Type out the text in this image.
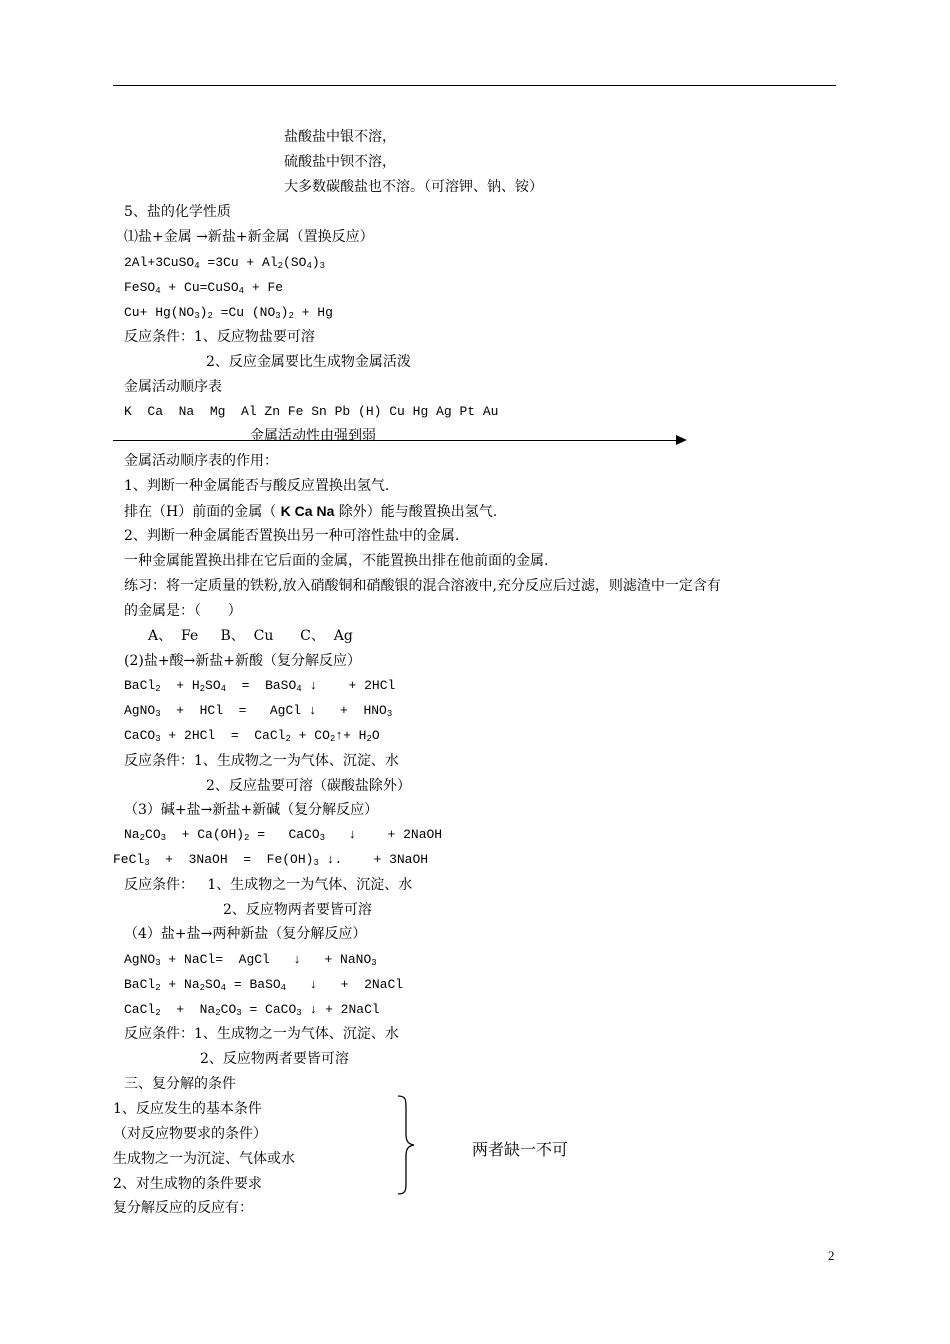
盐酸盐中银不溶，
硫酸盐中钡不溶，
大多数碳酸盐也不溶。（可溶钾、钠、铵）
5、盐的化学性质
⑴盐+金属 →新盐+新金属（置换反应）
2Al+3CuSO$_4$ $=3Cu + Al_2(SO_4)_3$
FeSO$_4$ + Cu=CuSO$_4$ + Fe
$Cu+ Hg(NO_3)_2 =Cu$ $(NO_3)_2 + Hg$
反应条件：1、反应物盐要可溶
2、反应金属要比生成物金属活泼
金属活动顺序表
K  Ca  Na  Mg  Al Zn Fe Sn Pb (H) Cu Hg Ag Pt Au
金属活动性由强到弱
金属活动顺序表的作用：
1、判断一种金属能否与酸反应置换出氢气.
排在（H）前面的金属（ K Ca Na 除外）能与酸置换出氢气.
2、判断一种金属能否置换出另一种可溶性盐中的金属.
一种金属能置换出排在它后面的金属，不能置换出排在他前面的金属.
练习：将一定质量的铁粉,放入硝酸铜和硝酸银的混合溶液中,充分反应后过滤，则滤渣中一定含有
的金属是：（      ）
A、  Fe     B、  Cu      C、  Ag
(2)盐+酸→新盐+新酸（复分解反应）
BaCl$_2$  + $H_2SO_4$  =  BaSO$_4$ ↓    + 2HCl
AgNO$_3$  +  HCl  =   AgCl ↓   +  $HNO_3$
CaCO$_3$ + 2HCl  =  CaCl$_2$ + $CO_2↑+ H_2O$
反应条件：1、生成物之一为气体、沉淀、水
2、反应盐要可溶（碳酸盐除外）
（3）碱+盐→新盐+新碱（复分解反应）
$Na_2CO_3 + Ca(OH)_2$ =   CaCO$_3$   ↓    + 2NaOH
FeCl$_3$  +  3NaOH  =  $Fe(OH)_3$ ↓.    + 3NaOH
反应条件：   1、生成物之一为气体、沉淀、水
2、反应物两者要皆可溶
（4）盐+盐→两种新盐（复分解反应）
AgNO$_3$ + NaCl=  AgCl   ↓   + NaNO$_3$
BaCl$_2$ + $Na_2SO_4$ = BaSO$_4$   ↓   +  2NaCl
CaCl$_2$  +  $Na_2CO_3$ = CaCO$_3$ ↓ + 2NaCl
反应条件：1、生成物之一为气体、沉淀、水
2、反应物两者要皆可溶
三、复分解的条件
1、反应发生的基本条件
（对反应物要求的条件）
生成物之一为沉淀、气体或水
2、对生成物的条件要求
复分解反应的反应有：
两者缺一不可
2
